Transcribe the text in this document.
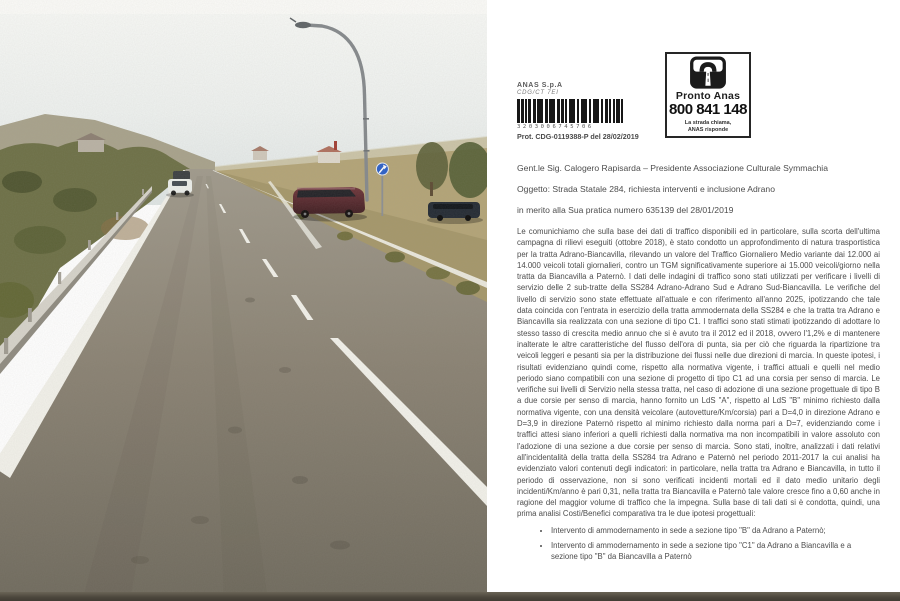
ANAS S.p.A
CDG/CT 7EI
3203006745706
Prot. CDG-0119388-P del 28/02/2019
Pronto Anas
800 841 148
La strada chiama,
ANAS risponde
Gent.le Sig. Calogero Rapisarda – Presidente Associazione Culturale Symmachia
Oggetto: Strada Statale 284, richiesta interventi e inclusione Adrano
in merito alla Sua pratica numero 635139 del 28/01/2019
Le comunichiamo che sulla base dei dati di traffico disponibili ed in particolare, sulla scorta dell'ultima campagna di rilievi eseguiti (ottobre 2018), è stato condotto un approfondimento di natura trasportistica per la tratta Adrano-Biancavilla, rilevando un valore del Traffico Giornaliero Medio variante dai 12.000 ai 14.000 veicoli totali giornalieri, contro un TGM significativamente superiore ai 15.000 veicoli/giorno nella tratta da Biancavilla a Paternò. I dati delle indagini di traffico sono stati utilizzati per verificare i livelli di servizio delle 2 sub-tratte della SS284 Adrano-Adrano Sud e Adrano Sud-Biancavilla. Le verifiche del livello di servizio sono state effettuate all'attuale e con riferimento all'anno 2025, ipotizzando che tale data coincida con l'entrata in esercizio della tratta ammodernata della SS284 e che la tratta tra Adrano e Biancavilla sia realizzata con una sezione di tipo C1. I traffici sono stati stimati ipotizzando di adottare lo stesso tasso di crescita medio annuo che si è avuto tra il 2012 ed il 2018, ovvero l'1,2% e di mantenere inalterate le altre caratteristiche del flusso dell'ora di punta, sia per ciò che riguarda la ripartizione tra veicoli leggeri e pesanti sia per la distribuzione dei flussi nelle due direzioni di marcia. In queste ipotesi, i risultati evidenziano quindi come, rispetto alla normativa vigente, i traffici attuali e quelli nel medio periodo siano compatibili con una sezione di progetto di tipo C1 ad una corsia per senso di marcia. Le verifiche sui livelli di Servizio nella stessa tratta, nel caso di adozione di una sezione progettuale di tipo B a due corsie per senso di marcia, hanno fornito un LdS "A", rispetto al LdS "B" minimo richiesto dalla normativa vigente, con una densità veicolare (autovetture/Km/corsia) pari a D=4,0 in direzione Adrano e D=3,9 in direzione Paternò rispetto al minimo richiesto dalla norma pari a D=7, evidenziando come i traffici attesi siano inferiori a quelli richiesti dalla normativa ma non incompatibili in valore assoluto con l'adozione di una sezione a due corsie per senso di marcia. Sono stati, inoltre, analizzati i dati relativi all'incidentalità della tratta della SS284 tra Adrano e Paternò nel periodo 2011-2017 la cui analisi ha evidenziato valori contenuti degli indicatori: in particolare, nella tratta tra Adrano e Biancavilla, in tutto il periodo di osservazione, non si sono verificati incidenti mortali ed il dato medio unitario degli incidenti/Km/anno è pari 0,31, nella tratta tra Biancavilla e Paternò tale valore cresce fino a 0,60 anche in ragione del maggior volume di traffico che la impegna. Sulla base di tali dati si è condotta, quindi, una prima analisi Costi/Benefici comparativa tra le due ipotesi progettuali:
• Intervento di ammodernamento in sede a sezione tipo "B" da Adrano a Paternò;
• Intervento di ammodernamento in sede a sezione tipo "C1" da Adrano a Biancavilla e a sezione tipo "B" da Biancavilla a Paternò
